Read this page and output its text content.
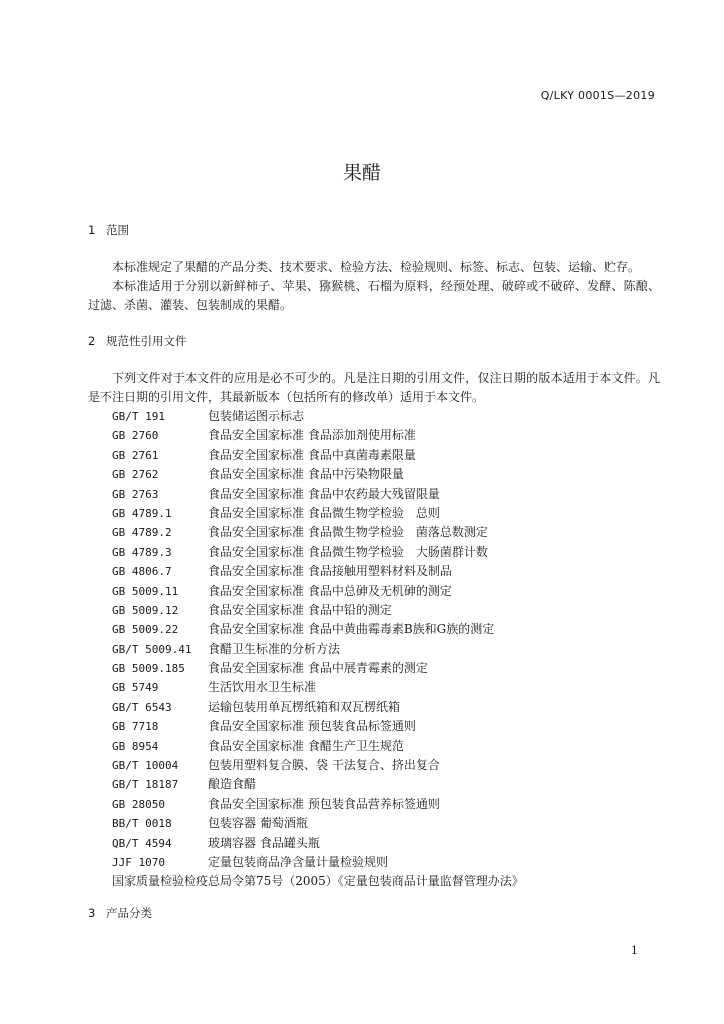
Q/LKY 0001S—2019
果醋
1 范围

本标准规定了果醋的产品分类、技术要求、检验方法、检验规则、标签、标志、包装、运输、贮存。

本标准适用于分别以新鲜柿子、苹果、猕猴桃、石榴为原料，经预处理、破碎或不破碎、发酵、陈酿、过滤、杀菌、灌装、包装制成的果醋。

2 规范性引用文件

下列文件对于本文件的应用是必不可少的。凡是注日期的引用文件，仅注日期的版本适用于本文件。凡是不注日期的引用文件，其最新版本（包括所有的修改单）适用于本文件。

GB/T 191	包装储运图示标志
GB 2760	食品安全国家标准 食品添加剂使用标准
GB 2761	食品安全国家标准 食品中真菌毒素限量
GB 2762	食品安全国家标准 食品中污染物限量
GB 2763	食品安全国家标准 食品中农药最大残留限量
GB 4789.1	食品安全国家标准 食品微生物学检验　总则
GB 4789.2	食品安全国家标准 食品微生物学检验　菌落总数测定
GB 4789.3	食品安全国家标准 食品微生物学检验　大肠菌群计数
GB 4806.7	食品安全国家标准 食品接触用塑料材料及制品
GB 5009.11 食品安全国家标准 食品中总砷及无机砷的测定
GB 5009.12 食品安全国家标准 食品中铅的测定
GB 5009.22 食品安全国家标准 食品中黄曲霉毒素B族和G族的测定
GB/T 5009.41 食醋卫生标准的分析方法
GB 5009.185 食品安全国家标准 食品中展青霉素的测定
GB 5749	生活饮用水卫生标准
GB/T 6543	运输包装用单瓦楞纸箱和双瓦楞纸箱
GB 7718	食品安全国家标准 预包装食品标签通则
GB 8954	食品安全国家标准 食醋生产卫生规范
GB/T 10004 包装用塑料复合膜、袋 干法复合、挤出复合
GB/T 18187 酿造食醋
GB 28050	食品安全国家标准 预包装食品营养标签通则
BB/T 0018	包装容器 葡萄酒瓶
QB/T 4594	玻璃容器 食品罐头瓶
JJF 1070	定量包装商品净含量计量检验规则
国家质量检验检疫总局令第75号（2005）《定量包装商品计量监督管理办法》
3 产品分类
1
